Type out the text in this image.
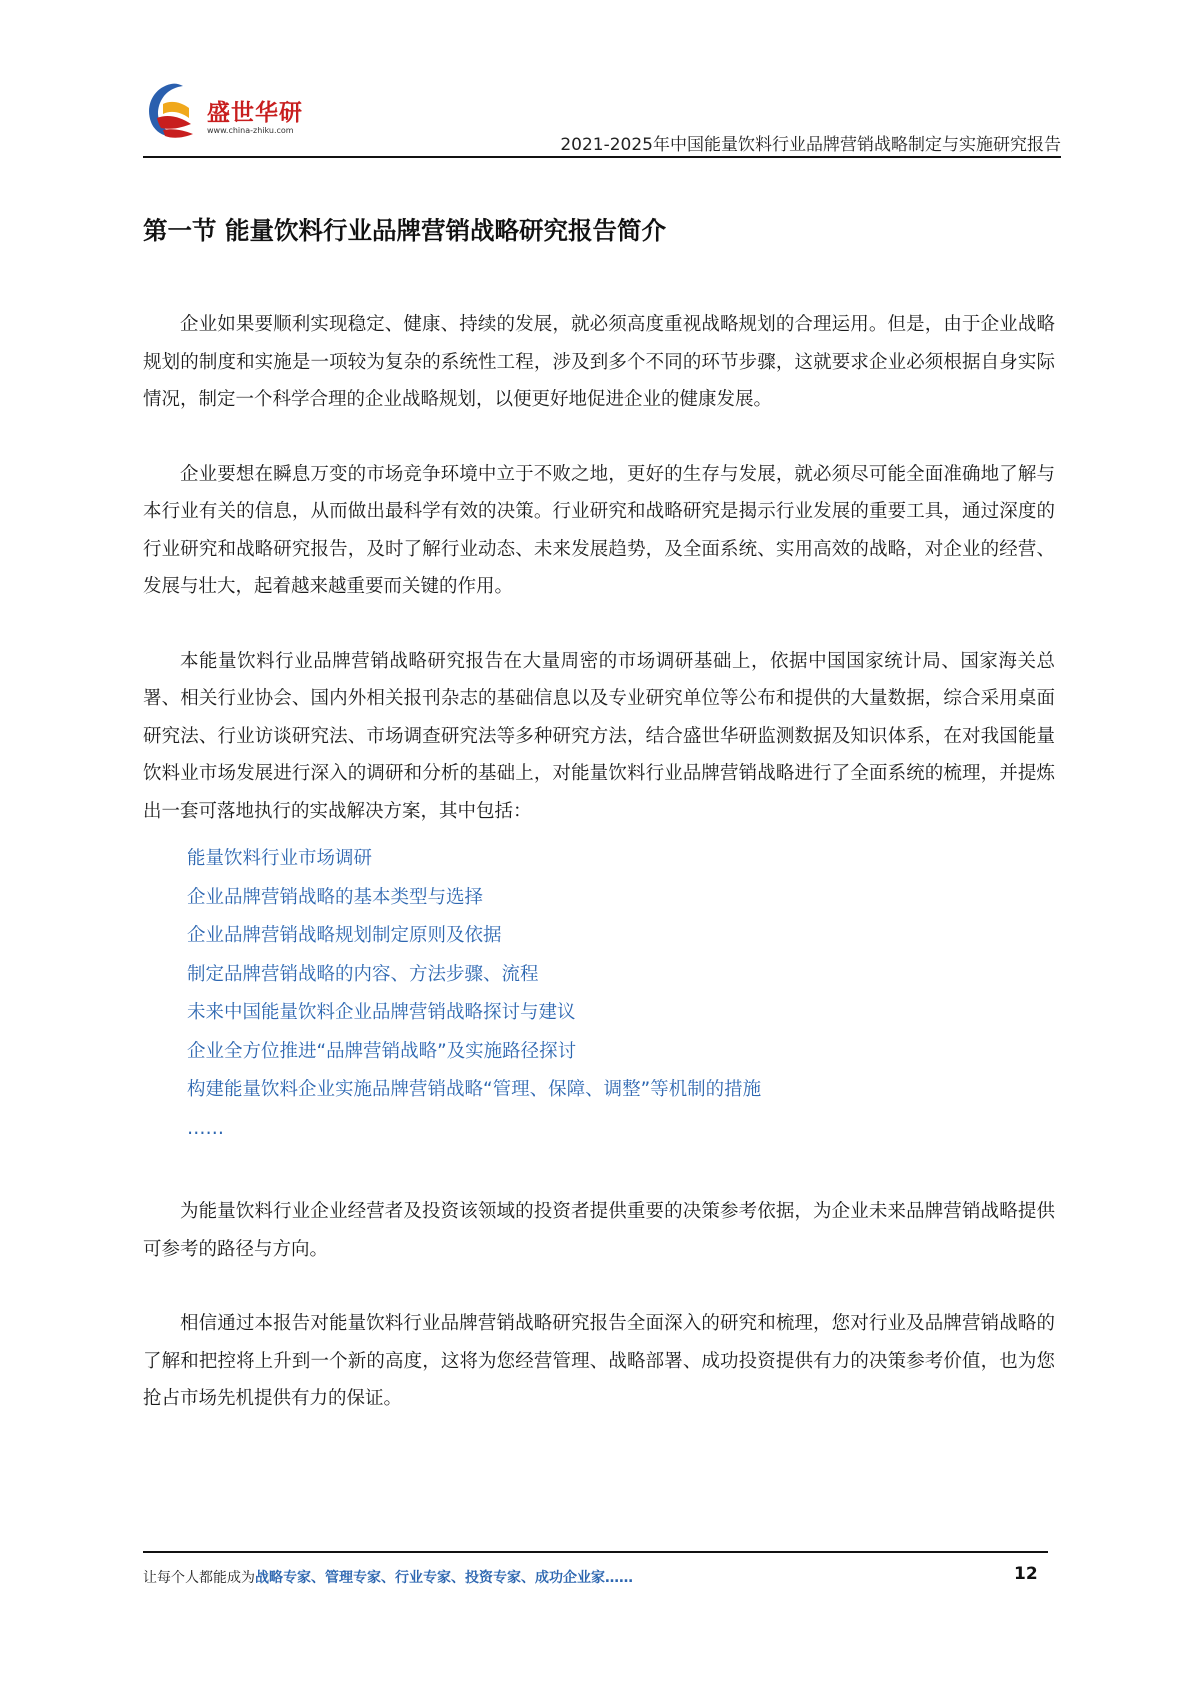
盛世华研
www.china-zhiku.com
2021-2025年中国能量饮料行业品牌营销战略制定与实施研究报告
第一节 能量饮料行业品牌营销战略研究报告简介

企业如果要顺利实现稳定、健康、持续的发展，就必须高度重视战略规划的合理运用。但是，由于企业战略规划的制度和实施是一项较为复杂的系统性工程，涉及到多个不同的环节步骤，这就要求企业必须根据自身实际情况，制定一个科学合理的企业战略规划，以便更好地促进企业的健康发展。

企业要想在瞬息万变的市场竞争环境中立于不败之地，更好的生存与发展，就必须尽可能全面准确地了解与本行业有关的信息，从而做出最科学有效的决策。行业研究和战略研究是揭示行业发展的重要工具，通过深度的行业研究和战略研究报告，及时了解行业动态、未来发展趋势，及全面系统、实用高效的战略，对企业的经营、发展与壮大，起着越来越重要而关键的作用。

本能量饮料行业品牌营销战略研究报告在大量周密的市场调研基础上，依据中国国家统计局、国家海关总署、相关行业协会、国内外相关报刊杂志的基础信息以及专业研究单位等公布和提供的大量数据，综合采用桌面研究法、行业访谈研究法、市场调查研究法等多种研究方法，结合盛世华研监测数据及知识体系，在对我国能量饮料业市场发展进行深入的调研和分析的基础上，对能量饮料行业品牌营销战略进行了全面系统的梳理，并提炼出一套可落地执行的实战解决方案，其中包括：

能量饮料行业市场调研
企业品牌营销战略的基本类型与选择
企业品牌营销战略规划制定原则及依据
制定品牌营销战略的内容、方法步骤、流程
未来中国能量饮料企业品牌营销战略探讨与建议
企业全方位推进“品牌营销战略”及实施路径探讨
构建能量饮料企业实施品牌营销战略“管理、保障、调整”等机制的措施
……

为能量饮料行业企业经营者及投资该领域的投资者提供重要的决策参考依据，为企业未来品牌营销战略提供可参考的路径与方向。

相信通过本报告对能量饮料行业品牌营销战略研究报告全面深入的研究和梳理，您对行业及品牌营销战略的了解和把控将上升到一个新的高度，这将为您经营管理、战略部署、成功投资提供有力的决策参考价值，也为您抢占市场先机提供有力的保证。

让每个人都能成为战略专家、管理专家、行业专家、投资专家、成功企业家……	12
